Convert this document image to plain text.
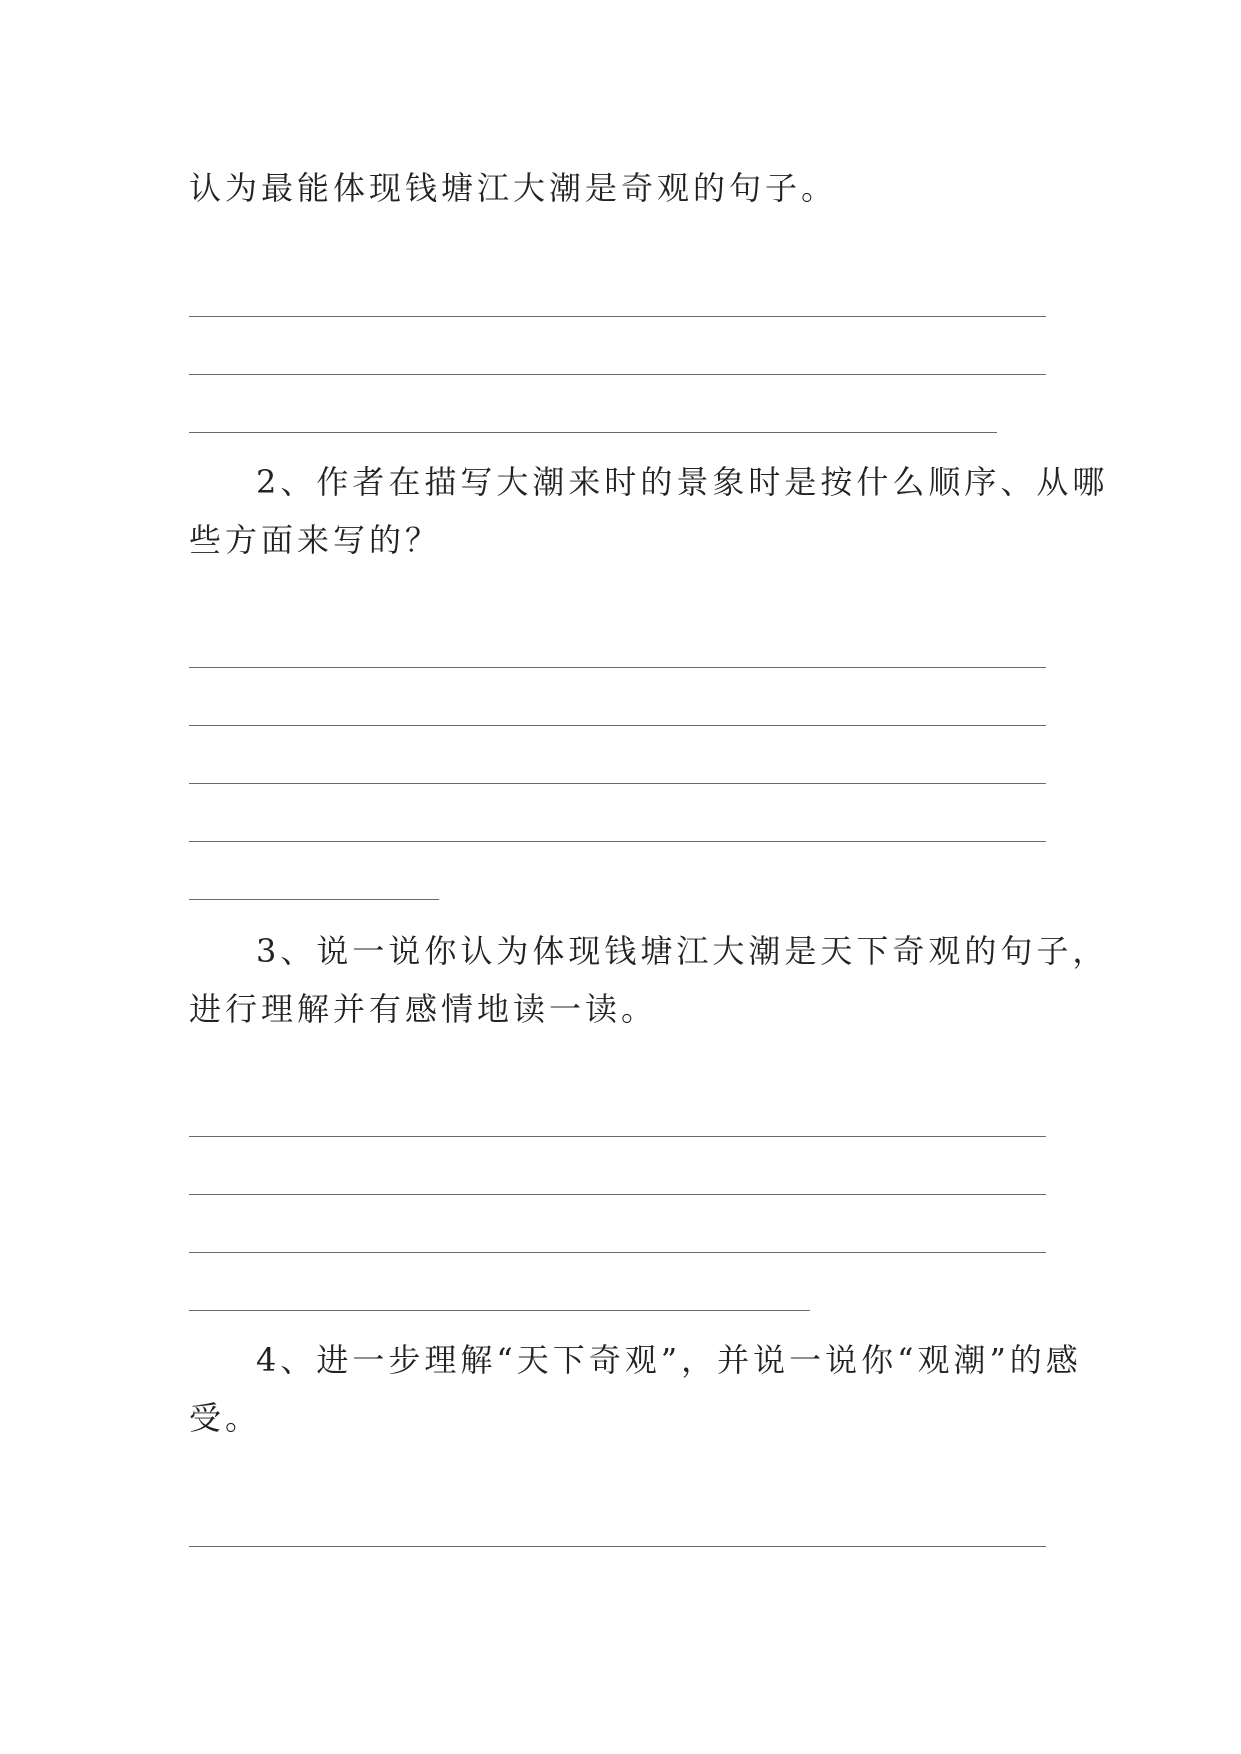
认为最能体现钱塘江大潮是奇观的句子。
2、作者在描写大潮来时的景象时是按什么顺序、从哪
些方面来写的？
3、说一说你认为体现钱塘江大潮是天下奇观的句子，
进行理解并有感情地读一读。
4、进一步理解“天下奇观”，并说一说你“观潮”的感
受。
